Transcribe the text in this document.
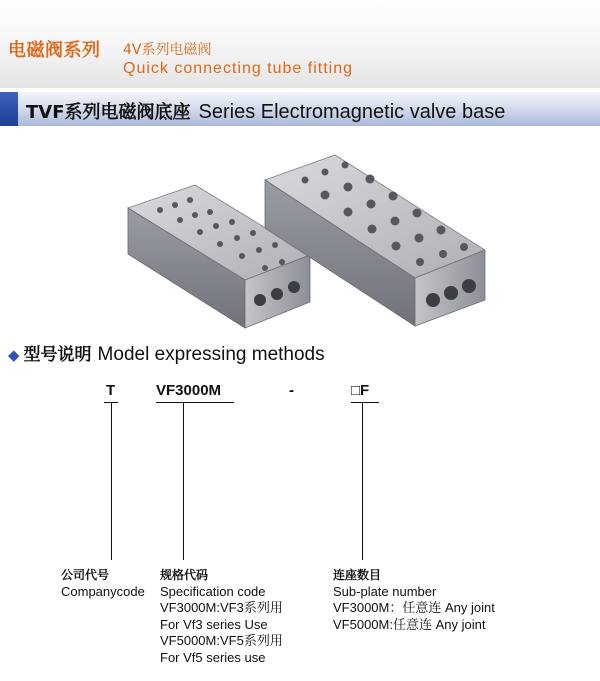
电磁阀系列 4V系列电磁阀
Quick connecting tube fitting
TVF系列电磁阀底座 Series Electromagnetic valve base
◆ 型号说明 Model expressing methods
T	VF3000M	-	□F
公司代号
Companycode
规格代码
Specification code
VF3000M:VF3系列用
For Vf3 series Use
VF5000M:VF5系列用
For Vf5 series use
连座数目
Sub-plate number
VF3000M：任意连 Any joint
VF5000M:任意连 Any joint
